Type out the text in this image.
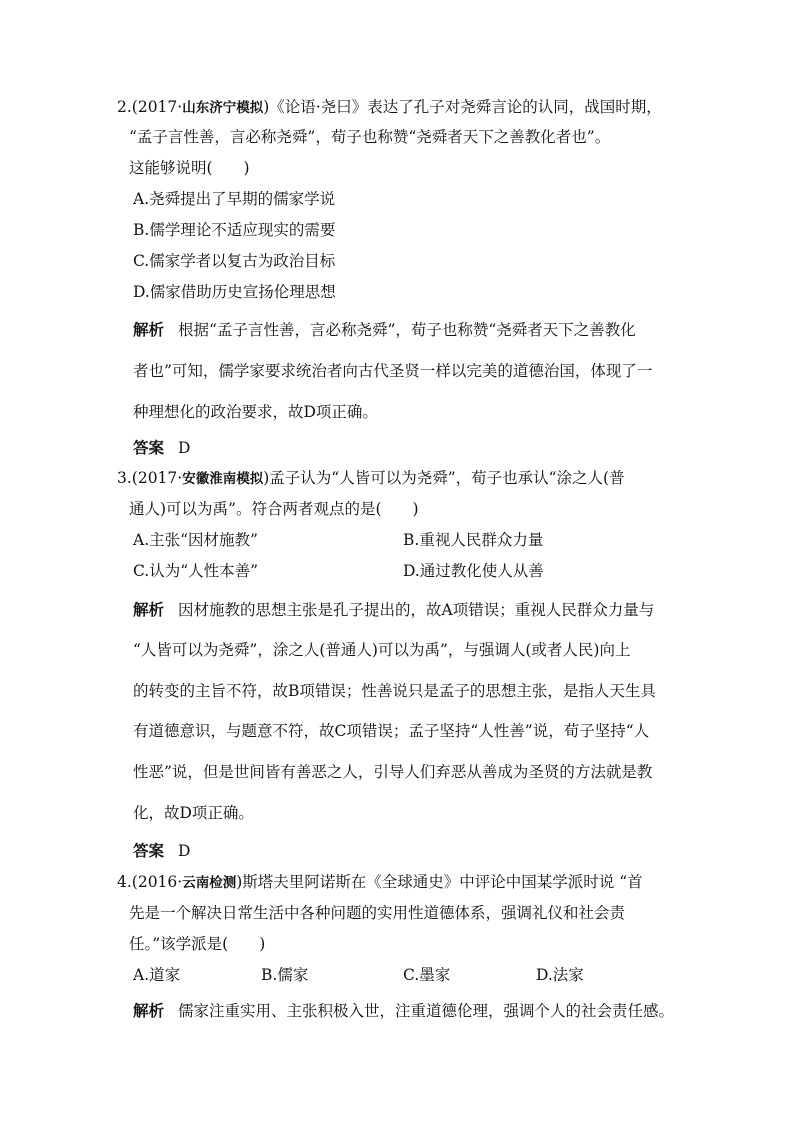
2.(2017·山东济宁模拟)《论语·尧曰》表达了孔子对尧舜言论的认同，战国时期，
“孟子言性善，言必称尧舜”，荀子也称赞“尧舜者天下之善教化者也”。
这能够说明(　　)
A.尧舜提出了早期的儒家学说
B.儒学理论不适应现实的需要
C.儒家学者以复古为政治目标
D.儒家借助历史宣扬伦理思想
解析 根据“孟子言性善，言必称尧舜”，荀子也称赞“尧舜者天下之善教化
者也”可知，儒学家要求统治者向古代圣贤一样以完美的道德治国，体现了一
种理想化的政治要求，故D项正确。
答案 D
3.(2017·安徽淮南模拟)孟子认为“人皆可以为尧舜”，荀子也承认“涂之人(普
通人)可以为禹”。符合两者观点的是(　　)
A.主张“因材施教”	B.重视人民群众力量
C.认为“人性本善”	D.通过教化使人从善
解析 因材施教的思想主张是孔子提出的，故A项错误；重视人民群众力量与
“人皆可以为尧舜”，涂之人(普通人)可以为禹”，与强调人(或者人民)向上
的转变的主旨不符，故B项错误；性善说只是孟子的思想主张，是指人天生具
有道德意识，与题意不符，故C项错误；孟子坚持“人性善”说，荀子坚持“人
性恶”说，但是世间皆有善恶之人，引导人们弃恶从善成为圣贤的方法就是教
化，故D项正确。
答案 D
4.(2016·云南检测)斯塔夫里阿诺斯在《全球通史》中评论中国某学派时说 “首
先是一个解决日常生活中各种问题的实用性道德体系，强调礼仪和社会责
任。”该学派是(　　)
A.道家	B.儒家	C.墨家	D.法家
解析 儒家注重实用、主张积极入世，注重道德伦理，强调个人的社会责任感。
